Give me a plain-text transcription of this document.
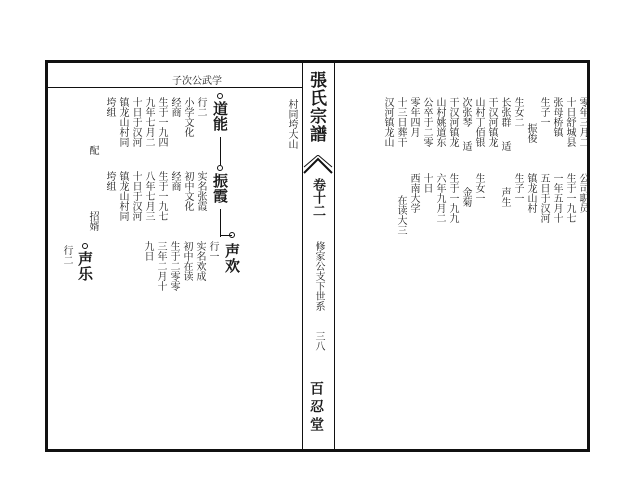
子次公武学	張氏宗譜
卷十二
修家公支下世系
三八
百忍堂
村同垮大山
道能
行二
小学文化
经商
生于一九四
九年七月二
十日于汉河
镇龙山村同
垮组
配
振霞
实名张霞
初中文化
经商
生于一九七
八年七月三
十日于汉河
镇龙山村同
垮组
招婿
声欢
行一
实名欢成
初中在读
生于二零零
三年二月十
九日
声乐
行二
零年三月二
十日舒城县
张母桥镇
生子一
振俊
生女二
长张群
适
干汉河镇龙
山村丁佰银
次张琴
适
干汉河镇龙
山村姚道东
公卒于二零
零年四月
十三日葬干
汉河镇龙山
公司职员
生于一九七
一年五月十
五日于汉河
镇龙山村
生子一
声生
生女一
金菊
生于一九九
六年九月二
十日
西南大学
在读大三
